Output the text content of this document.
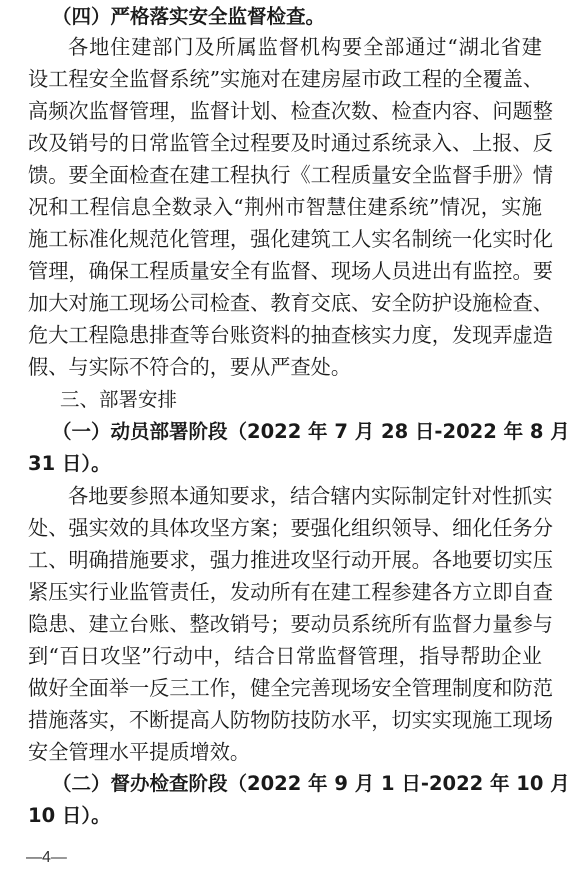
（四）严格落实安全监督检查。
各地住建部门及所属监督机构要全部通过“湖北省建
设工程安全监督系统”实施对在建房屋市政工程的全覆盖、
高频次监督管理，监督计划、检查次数、检查内容、问题整
改及销号的日常监管全过程要及时通过系统录入、上报、反
馈。要全面检查在建工程执行《工程质量安全监督手册》情
况和工程信息全数录入“荆州市智慧住建系统”情况，实施
施工标准化规范化管理，强化建筑工人实名制统一化实时化
管理，确保工程质量安全有监督、现场人员进出有监控。要
加大对施工现场公司检查、教育交底、安全防护设施检查、
危大工程隐患排查等台账资料的抽查核实力度，发现弄虚造
假、与实际不符合的，要从严查处。
三、部署安排
（一）动员部署阶段（2022 年 7 月 28 日-2022 年 8 月
31 日）。
各地要参照本通知要求，结合辖内实际制定针对性抓实
处、强实效的具体攻坚方案；要强化组织领导、细化任务分
工、明确措施要求，强力推进攻坚行动开展。各地要切实压
紧压实行业监管责任，发动所有在建工程参建各方立即自查
隐患、建立台账、整改销号；要动员系统所有监督力量参与
到“百日攻坚”行动中，结合日常监督管理，指导帮助企业
做好全面举一反三工作，健全完善现场安全管理制度和防范
措施落实，不断提高人防物防技防水平，切实实现施工现场
安全管理水平提质增效。
（二）督办检查阶段（2022 年 9 月 1 日-2022 年 10 月
10 日）。
—4—
